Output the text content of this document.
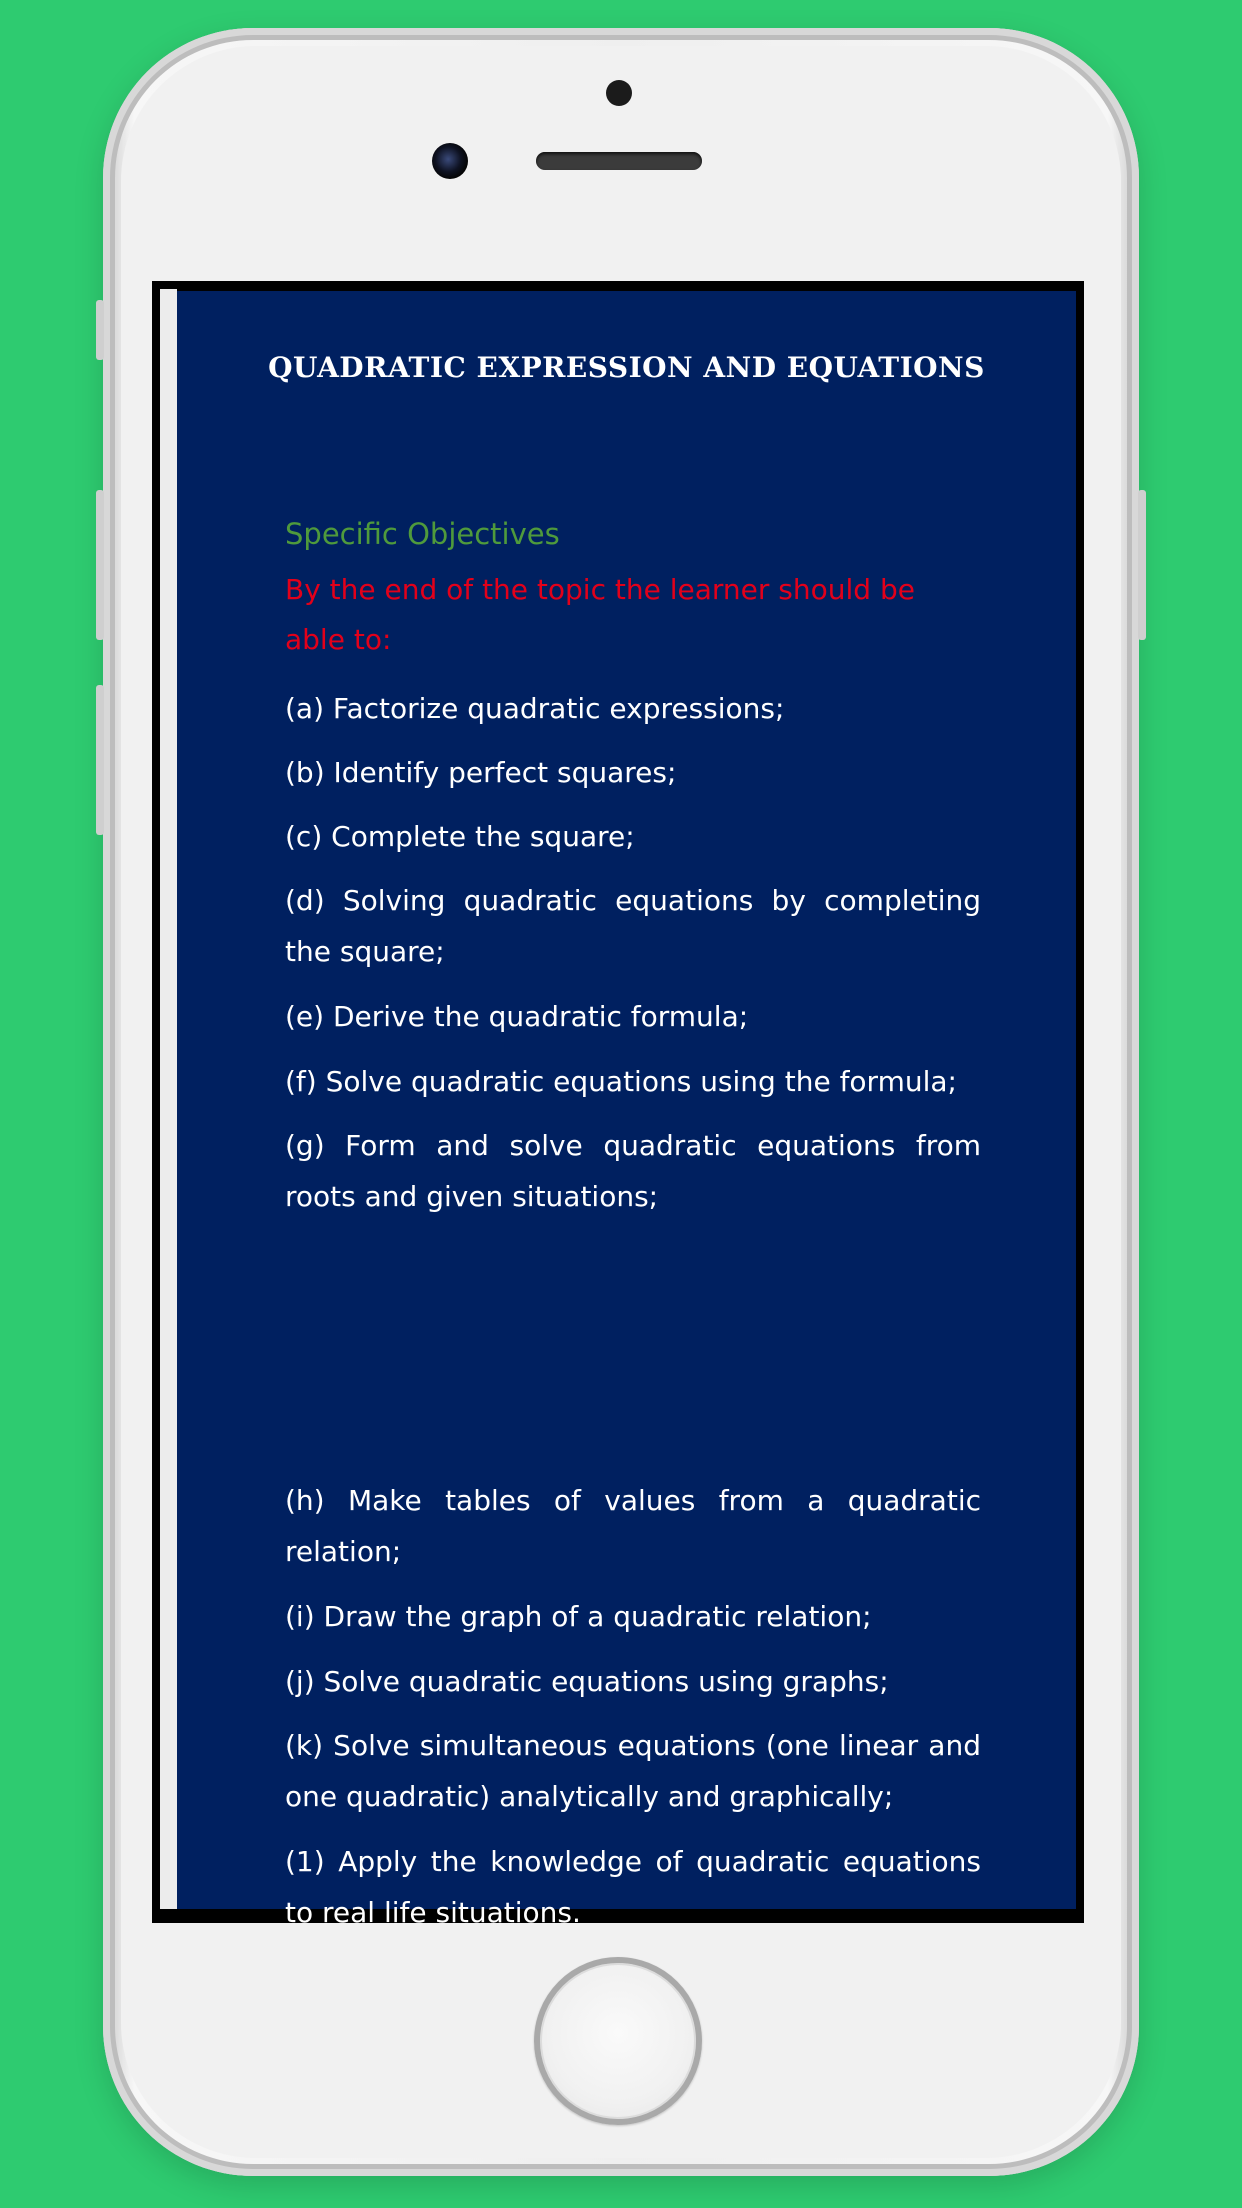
QUADRATIC EXPRESSION AND EQUATIONS
Specific Objectives
By the end of the topic the learner should be able to:
(a) Factorize quadratic expressions;
(b) Identify perfect squares;
(c) Complete the square;
(d) Solving quadratic equations by completing the square;
(e) Derive the quadratic formula;
(f) Solve quadratic equations using the formula;
(g) Form and solve quadratic equations from roots and given situations;
(h) Make tables of values from a quadratic relation;
(i) Draw the graph of a quadratic relation;
(j) Solve quadratic equations using graphs;
(k) Solve simultaneous equations (one linear and one quadratic) analytically and graphically;
(1) Apply the knowledge of quadratic equations to real life situations.
